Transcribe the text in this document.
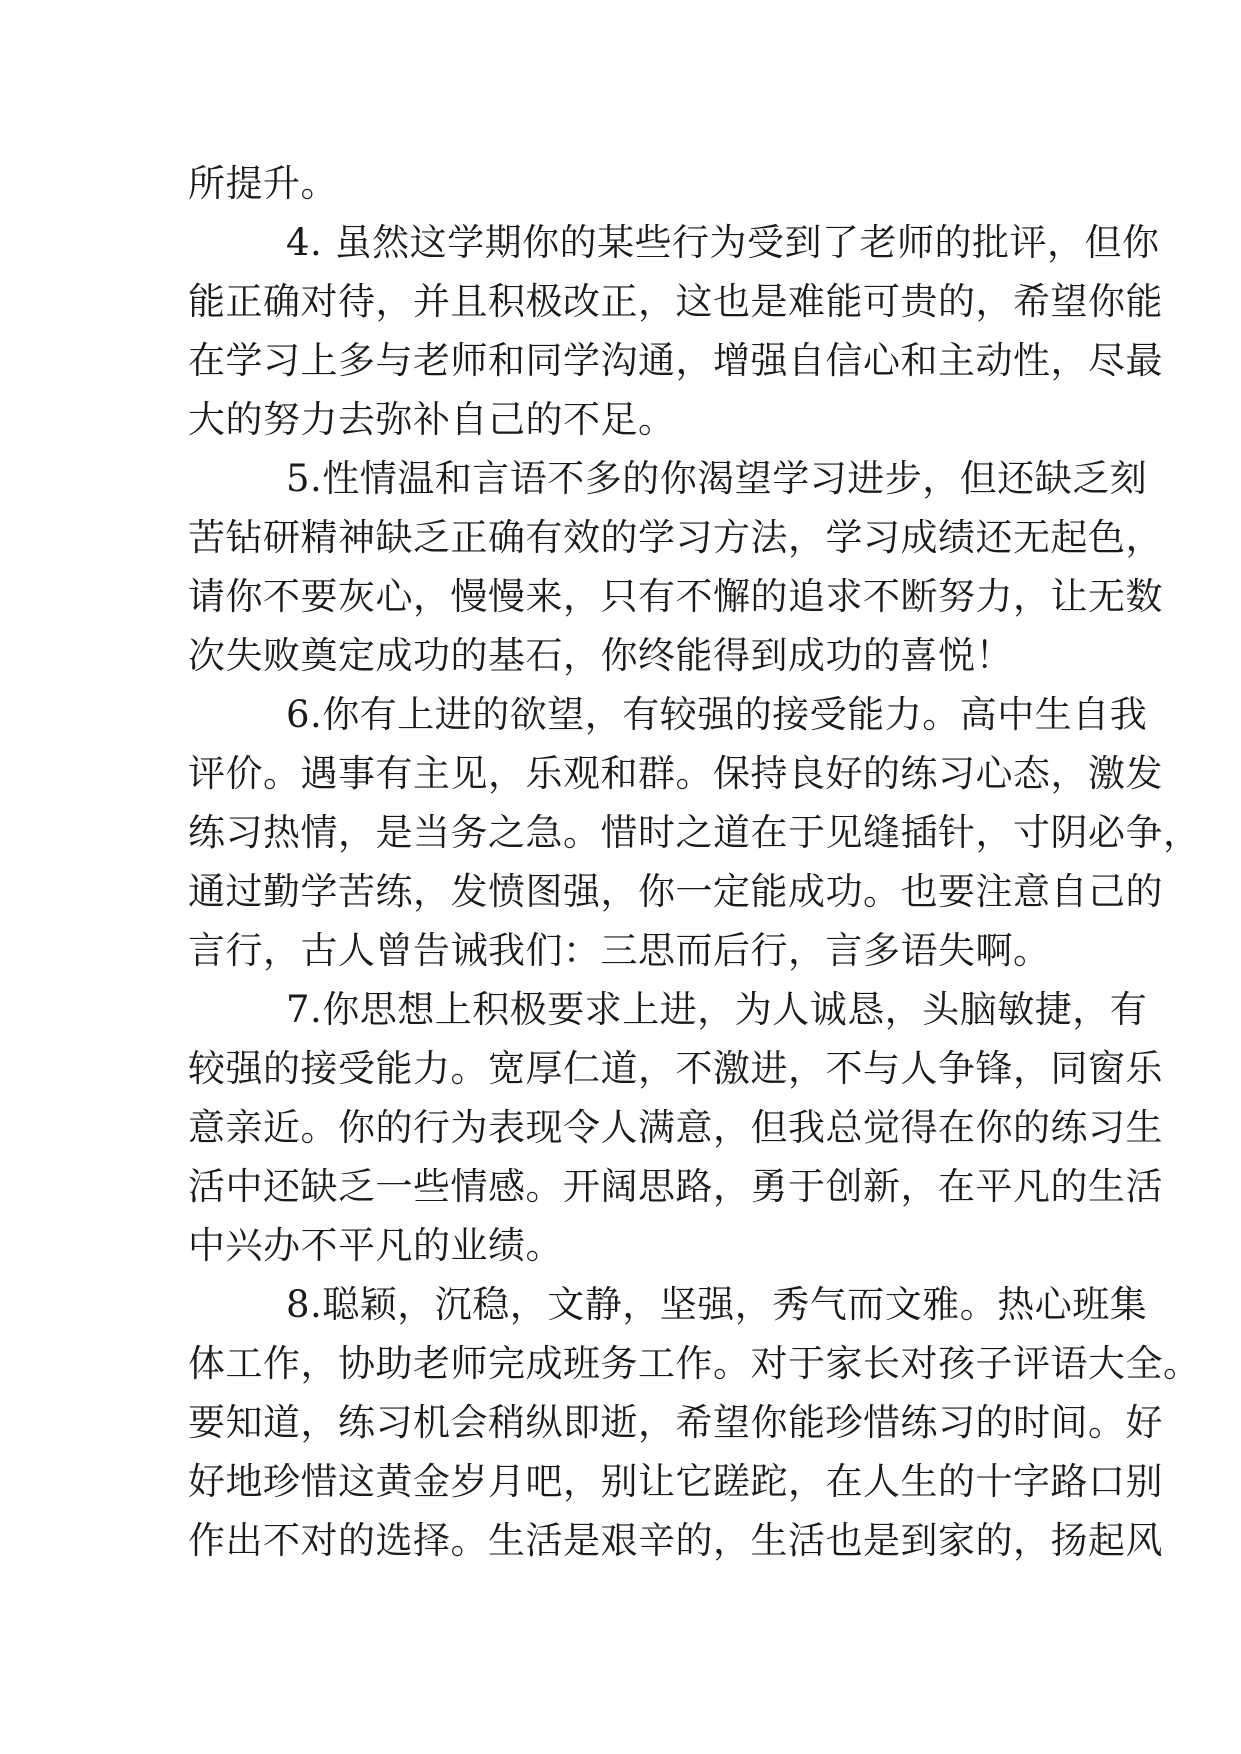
所提升。
4. 虽然这学期你的某些行为受到了老师的批评，但你
能正确对待，并且积极改正，这也是难能可贵的，希望你能
在学习上多与老师和同学沟通，增强自信心和主动性，尽最
大的努力去弥补自己的不足。
5.性情温和言语不多的你渴望学习进步，但还缺乏刻
苦钻研精神缺乏正确有效的学习方法，学习成绩还无起色，
请你不要灰心，慢慢来，只有不懈的追求不断努力，让无数
次失败奠定成功的基石，你终能得到成功的喜悦！
6.你有上进的欲望，有较强的接受能力。高中生自我
评价。遇事有主见，乐观和群。保持良好的练习心态，激发
练习热情，是当务之急。惜时之道在于见缝插针，寸阴必争，
通过勤学苦练，发愤图强，你一定能成功。也要注意自己的
言行，古人曾告诫我们：三思而后行，言多语失啊。
7.你思想上积极要求上进，为人诚恳，头脑敏捷，有
较强的接受能力。宽厚仁道，不激进，不与人争锋，同窗乐
意亲近。你的行为表现令人满意，但我总觉得在你的练习生
活中还缺乏一些情感。开阔思路，勇于创新，在平凡的生活
中兴办不平凡的业绩。
8.聪颖，沉稳，文静，坚强，秀气而文雅。热心班集
体工作，协助老师完成班务工作。对于家长对孩子评语大全。
要知道，练习机会稍纵即逝，希望你能珍惜练习的时间。好
好地珍惜这黄金岁月吧，别让它蹉跎，在人生的十字路口别
作出不对的选择。生活是艰辛的，生活也是到家的，扬起风
